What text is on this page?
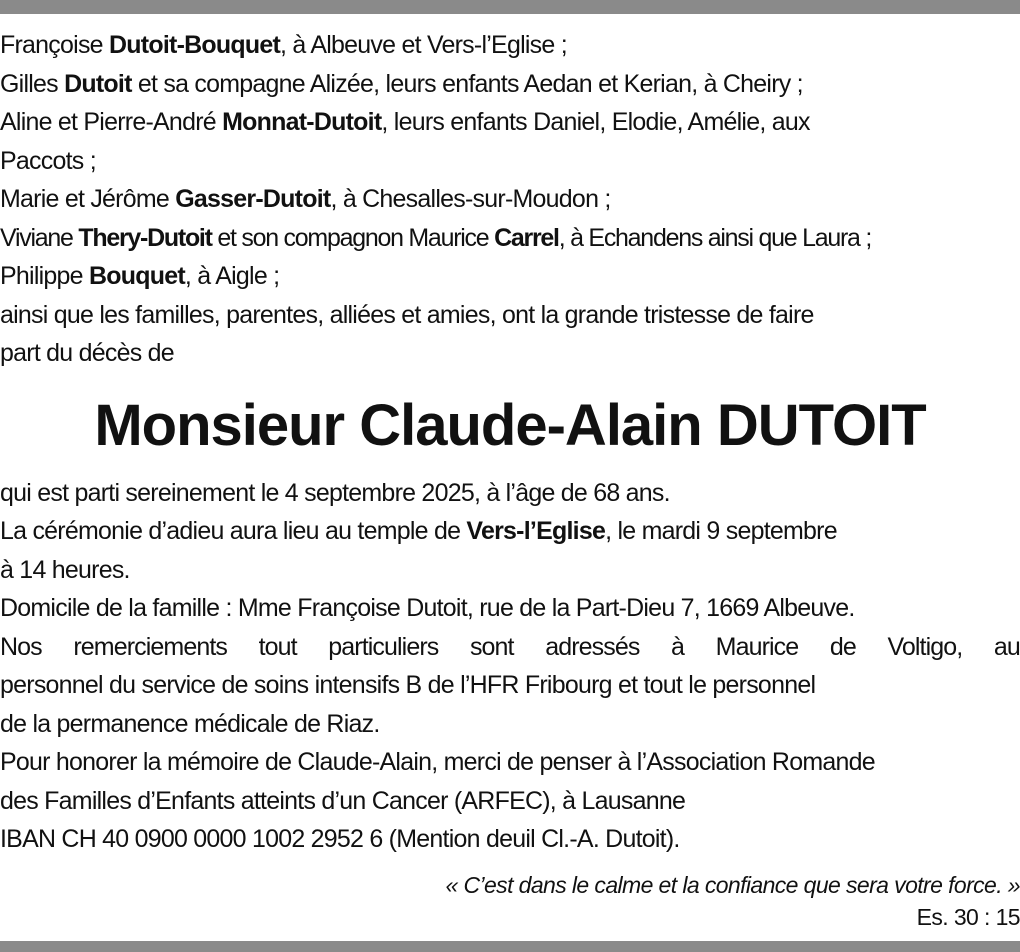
Françoise Dutoit-Bouquet, à Albeuve et Vers-l’Eglise ;
Gilles Dutoit et sa compagne Alizée, leurs enfants Aedan et Kerian, à Cheiry ;
Aline et Pierre-André Monnat-Dutoit, leurs enfants Daniel, Elodie, Amélie, aux
Paccots ;
Marie et Jérôme Gasser-Dutoit, à Chesalles-sur-Moudon ;
Viviane Thery-Dutoit et son compagnon Maurice Carrel, à Echandens ainsi que Laura ;
Philippe Bouquet, à Aigle ;
ainsi que les familles, parentes, alliées et amies, ont la grande tristesse de faire
part du décès de
Monsieur Claude-Alain DUTOIT
qui est parti sereinement le 4 septembre 2025, à l’âge de 68 ans.
La cérémonie d’adieu aura lieu au temple de Vers-l’Eglise, le mardi 9 septembre
à 14 heures.
Domicile de la famille : Mme Françoise Dutoit, rue de la Part-Dieu 7, 1669 Albeuve.
Nos remerciements tout particuliers sont adressés à Maurice de Voltigo, au
personnel du service de soins intensifs B de l’HFR Fribourg et tout le personnel
de la permanence médicale de Riaz.
Pour honorer la mémoire de Claude-Alain, merci de penser à l’Association Romande
des Familles d’Enfants atteints d’un Cancer (ARFEC), à Lausanne
IBAN CH 40 0900 0000 1002 2952 6 (Mention deuil Cl.-A. Dutoit).
« C’est dans le calme et la confiance que sera votre force. »
Es. 30 : 15
